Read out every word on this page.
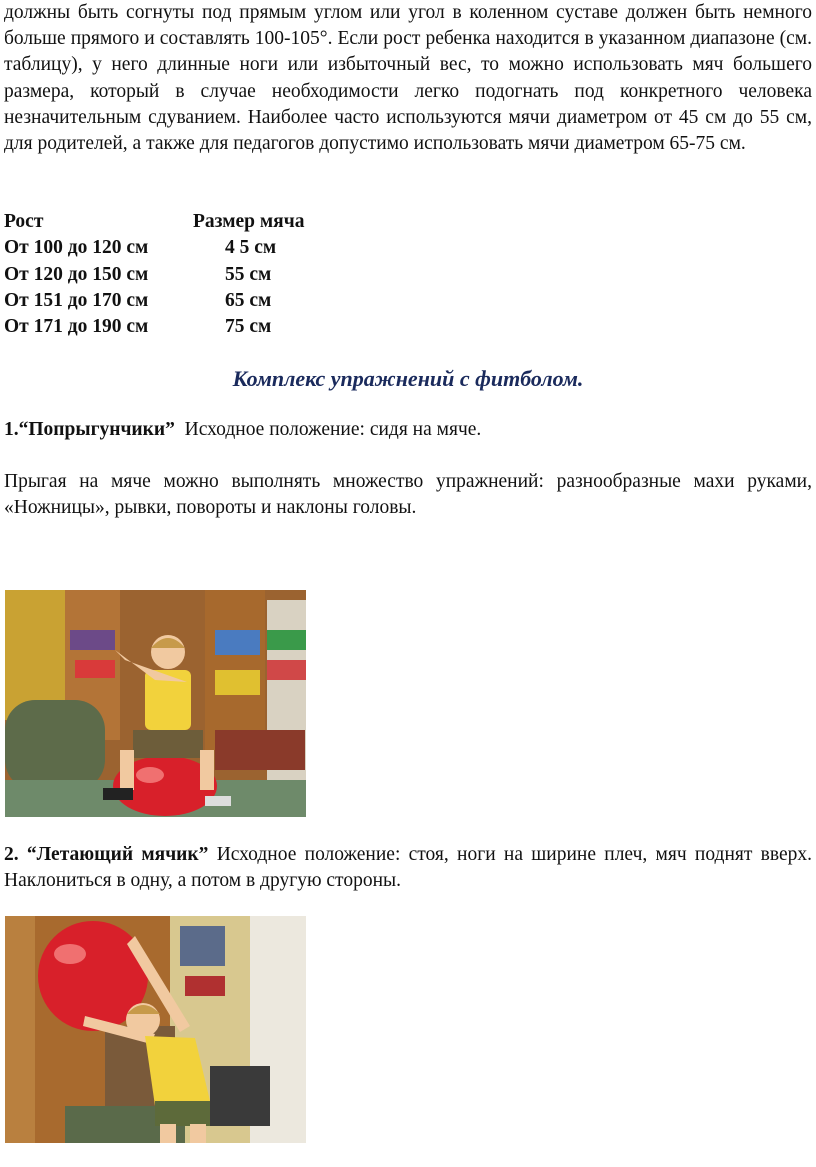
должны быть согнуты под прямым углом или угол в коленном суставе должен быть немного больше прямого и составлять 100-105°. Если рост ребенка находится в указанном диапазоне (см. таблицу), у него длинные ноги или избыточный вес, то можно использовать мяч большего размера, который в случае необходимости легко подогнать под конкретного человека незначительным сдуванием. Наиболее часто используются мячи диаметром от 45 см до 55 см, для родителей, а также для педагогов допустимо использовать мячи диаметром 65-75 см.

Рост	Размер мяча
От 100 до 120 см	4 5 см
От 120 до 150 см	55 см
От 151 до 170 см	65 см
От 171 до 190 см	75 см
Комплекс упражнений с фитболом.

1.“Попрыгунчики” Исходное положение: сидя на мяче.

Прыгая на мяче можно выполнять множество упражнений: разнообразные махи руками, «Ножницы», рывки, повороты и наклоны головы.

2. “Летающий мячик” Исходное положение: стоя, ноги на ширине плеч, мяч поднят вверх. Наклониться в одну, а потом в другую стороны.
